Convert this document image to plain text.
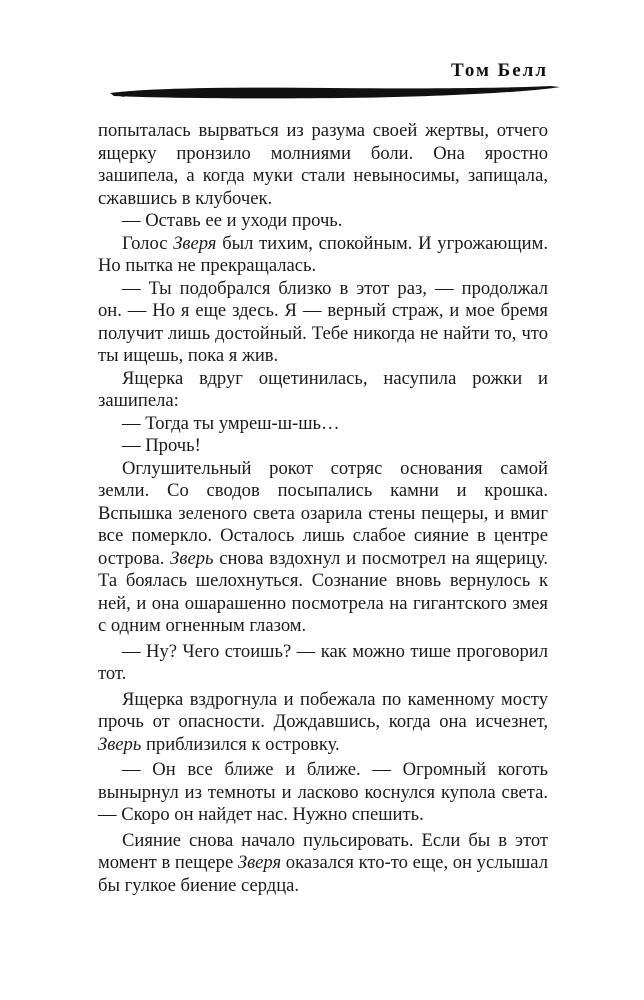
Том Белл

попыталась вырваться из разума своей жертвы, отчего ящерку пронзило молниями боли. Она яростно зашипела, а когда муки стали невыносимы, запищала, сжавшись в клубочек.

— Оставь ее и уходи прочь.

Голос Зверя был тихим, спокойным. И угрожающим. Но пытка не прекращалась.

— Ты подобрался близко в этот раз, — продолжал он. — Но я еще здесь. Я — верный страж, и мое бремя получит лишь достойный. Тебе никогда не найти то, что ты ищешь, пока я жив.

Ящерка вдруг ощетинилась, насупила рожки и зашипела:

— Тогда ты умреш-ш-шь…

— Прочь!

Оглушительный рокот сотряс основания самой земли. Со сводов посыпались камни и крошка. Вспышка зеленого света озарила стены пещеры, и вмиг все померкло. Осталось лишь слабое сияние в центре острова. Зверь снова вздохнул и посмотрел на ящерицу. Та боялась шелохнуться. Сознание вновь вернулось к ней, и она ошарашенно посмотрела на гигантского змея с одним огненным глазом.

— Ну? Чего стоишь? — как можно тише проговорил тот.

Ящерка вздрогнула и побежала по каменному мосту прочь от опасности. Дождавшись, когда она исчезнет, Зверь приблизился к островку.

— Он все ближе и ближе. — Огромный коготь вынырнул из темноты и ласково коснулся купола света. — Скоро он найдет нас. Нужно спешить.

Сияние снова начало пульсировать. Если бы в этот момент в пещере Зверя оказался кто-то еще, он услышал бы гулкое биение сердца.
